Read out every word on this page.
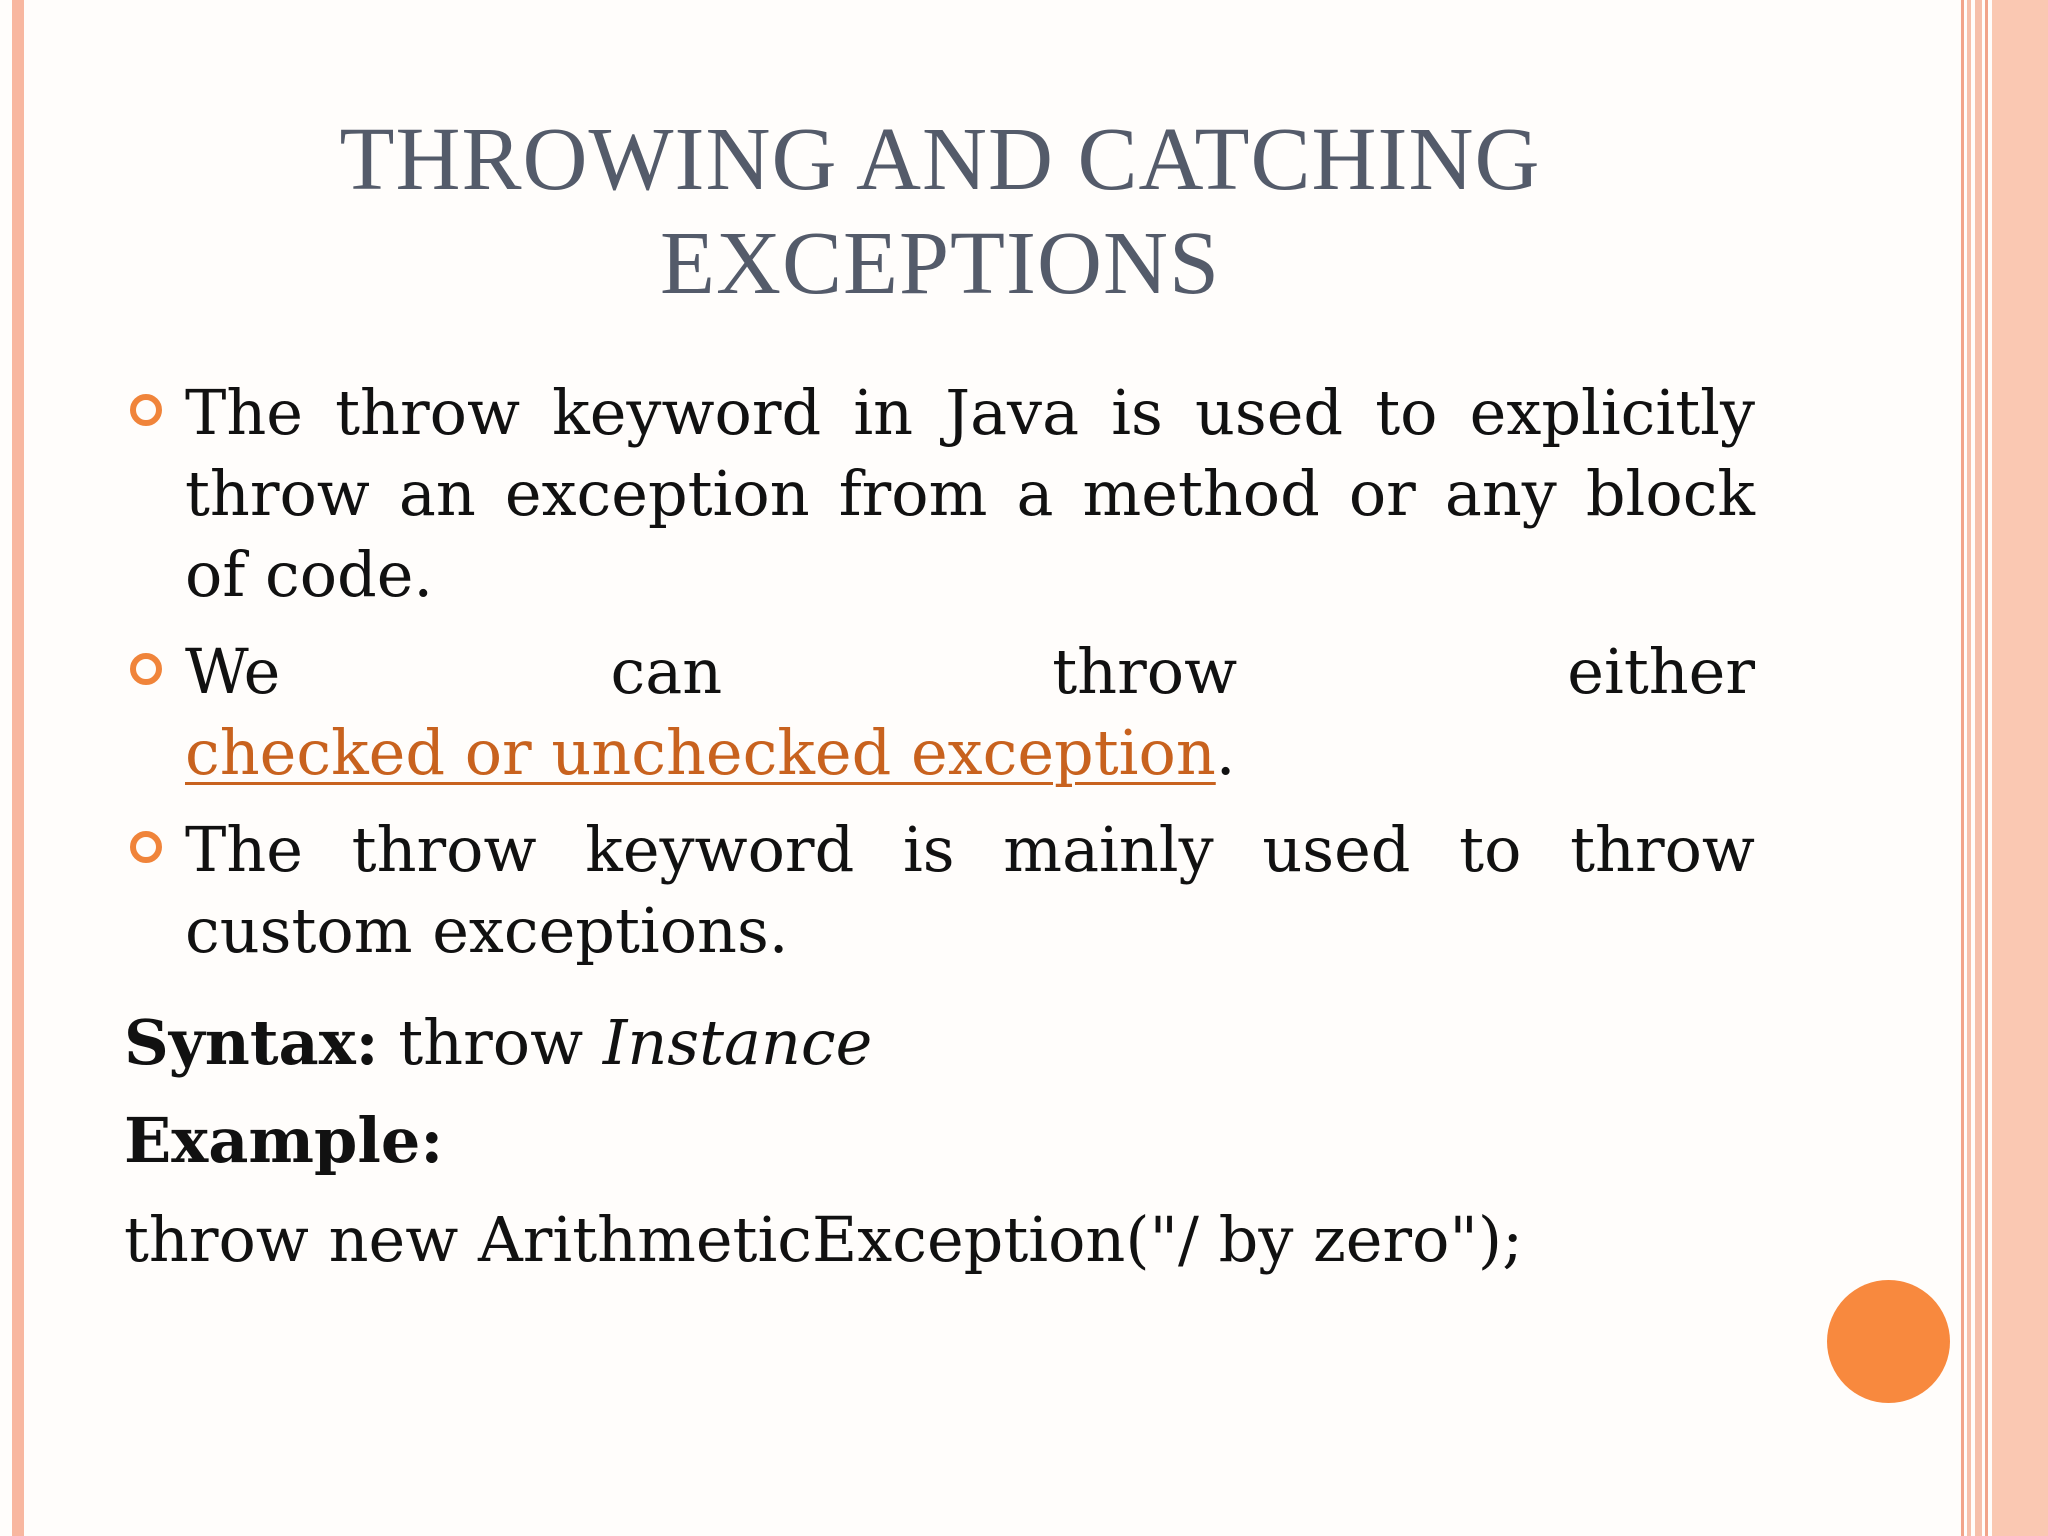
THROWING AND CATCHING
EXCEPTIONS
The throw keyword in Java is used to explicitly throw an exception from a method or any block of code.
We can throw either
checked or unchecked exception.
The throw keyword is mainly used to throw custom exceptions.
Syntax: throw Instance
Example:
throw new ArithmeticException("/ by zero");
